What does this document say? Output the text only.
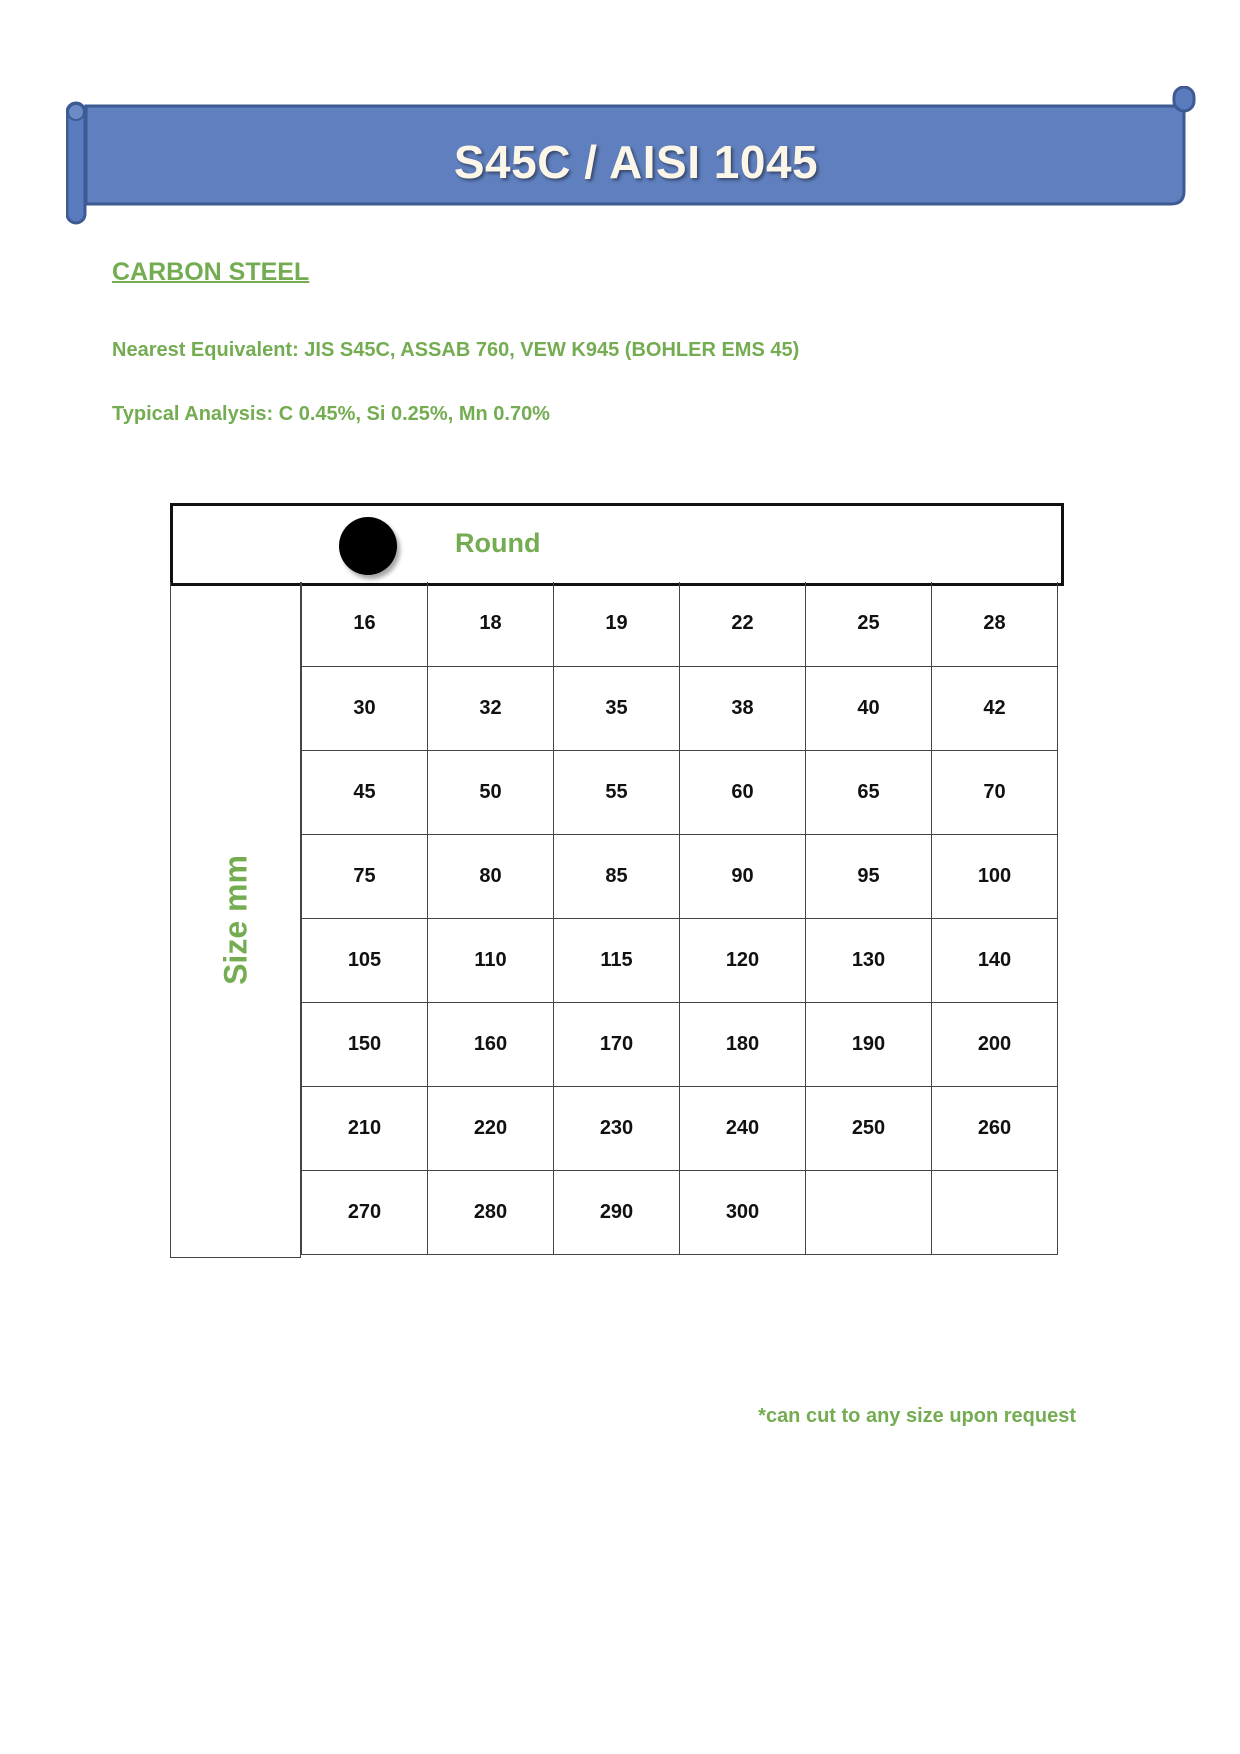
S45C / AISI 1045
CARBON STEEL
Nearest Equivalent: JIS S45C, ASSAB 760, VEW K945 (BOHLER EMS 45)
Typical Analysis: C 0.45%, Si 0.25%, Mn 0.70%
Round
Size mm
16	18	19	22	25	28
30	32	35	38	40	42
45	50	55	60	65	70
75	80	85	90	95	100
105	110	115	120	130	140
150	160	170	180	190	200
210	220	230	240	250	260
270	280	290	300		
*can cut to any size upon request
